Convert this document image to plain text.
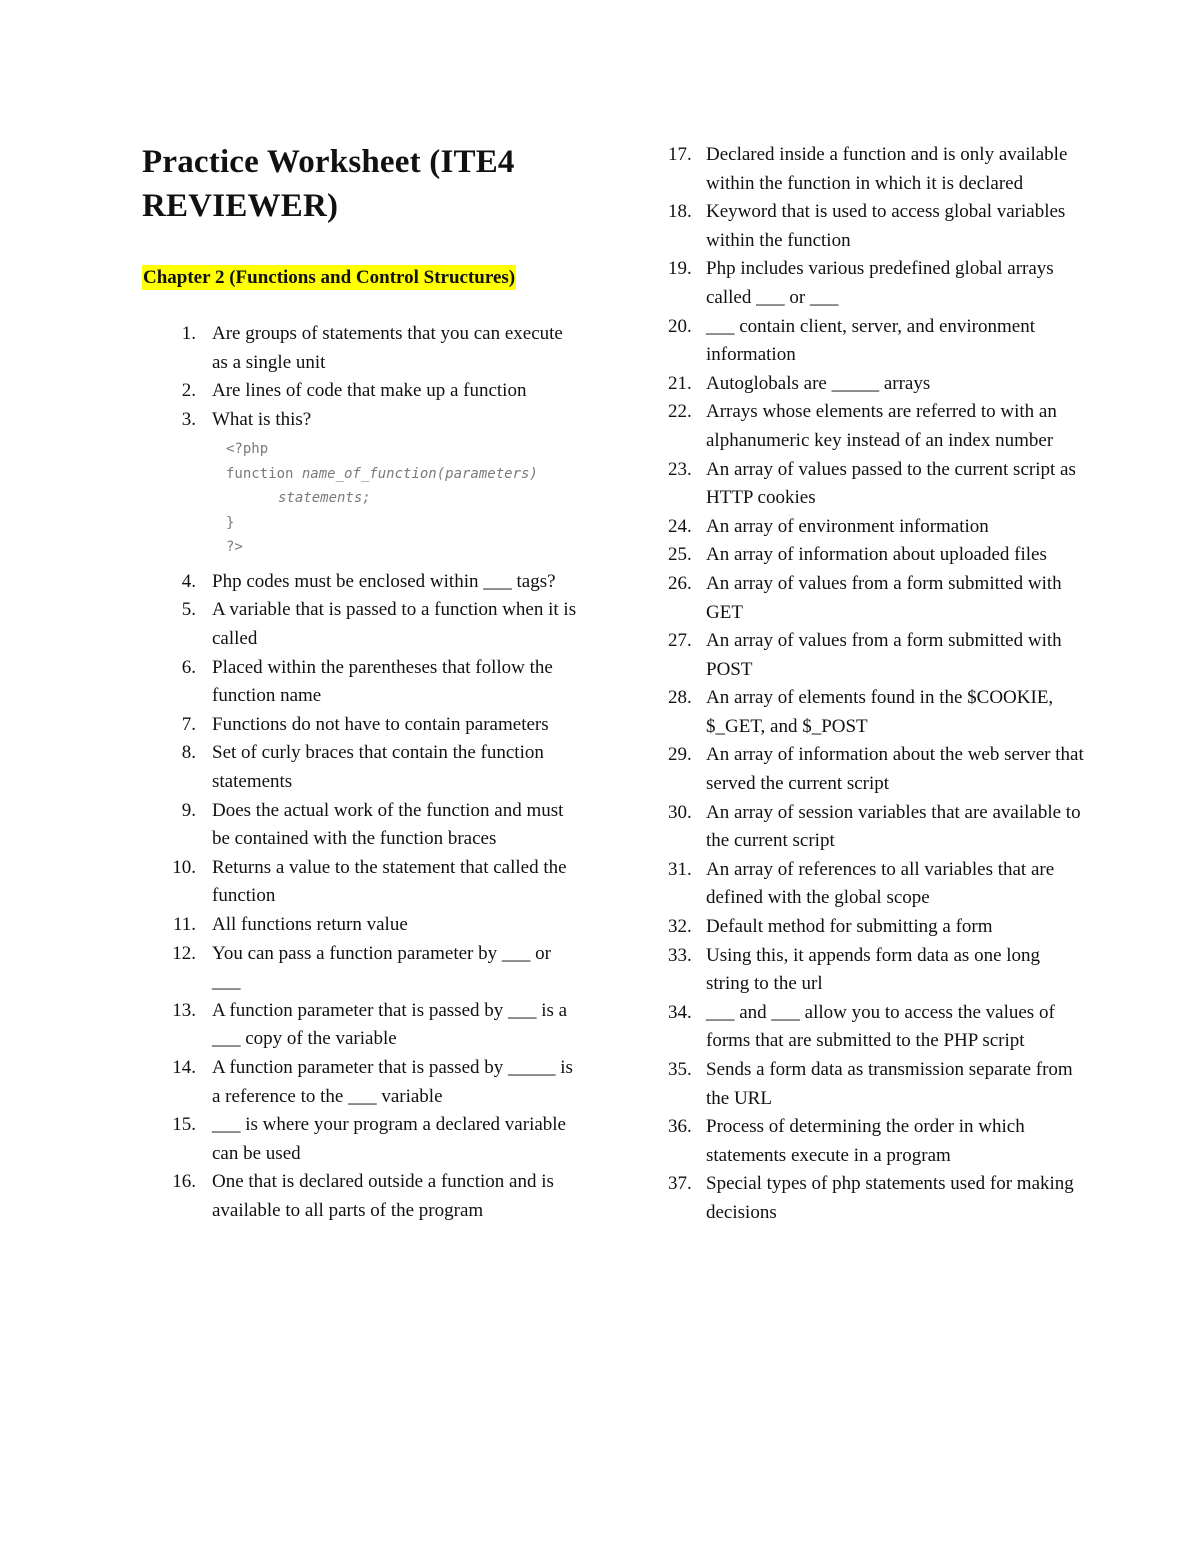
Practice Worksheet (ITE4 REVIEWER)
Chapter 2 (Functions and Control Structures)
1. Are groups of statements that you can execute as a single unit
2. Are lines of code that make up a function
3. What is this?
<?php
function name_of_function(parameters)
statements;
}
?>
4. Php codes must be enclosed within ___ tags?
5. A variable that is passed to a function when it is called
6. Placed within the parentheses that follow the function name
7. Functions do not have to contain parameters
8. Set of curly braces that contain the function statements
9. Does the actual work of the function and must be contained with the function braces
10. Returns a value to the statement that called the function
11. All functions return value
12. You can pass a function parameter by ___ or ___
13. A function parameter that is passed by ___ is a ___ copy of the variable
14. A function parameter that is passed by _____ is a reference to the ___ variable
15. ___ is where your program a declared variable can be used
16. One that is declared outside a function and is available to all parts of the program
17. Declared inside a function and is only available within the function in which it is declared
18. Keyword that is used to access global variables within the function
19. Php includes various predefined global arrays called ___ or ___
20. ___ contain client, server, and environment information
21. Autoglobals are _____ arrays
22. Arrays whose elements are referred to with an alphanumeric key instead of an index number
23. An array of values passed to the current script as HTTP cookies
24. An array of environment information
25. An array of information about uploaded files
26. An array of values from a form submitted with GET
27. An array of values from a form submitted with POST
28. An array of elements found in the $COOKIE, $_GET, and $_POST
29. An array of information about the web server that served the current script
30. An array of session variables that are available to the current script
31. An array of references to all variables that are defined with the global scope
32. Default method for submitting a form
33. Using this, it appends form data as one long string to the url
34. ___ and ___ allow you to access the values of forms that are submitted to the PHP script
35. Sends a form data as transmission separate from the URL
36. Process of determining the order in which statements execute in a program
37. Special types of php statements used for making decisions
